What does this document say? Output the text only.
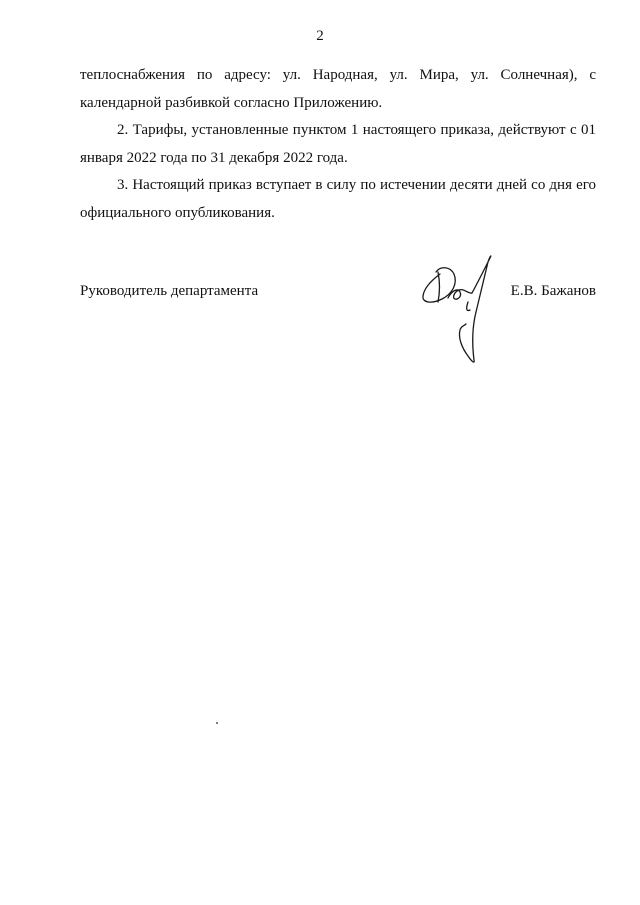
2

теплоснабжения по адресу: ул. Народная, ул. Мира, ул. Солнечная), с календарной разбивкой согласно Приложению.

2. Тарифы, установленные пунктом 1 настоящего приказа, действуют с 01 января 2022 года по 31 декабря 2022 года.

3. Настоящий приказ вступает в силу по истечении десяти дней со дня его официального опубликования.

Руководитель департамента	Е.В. Бажанов
